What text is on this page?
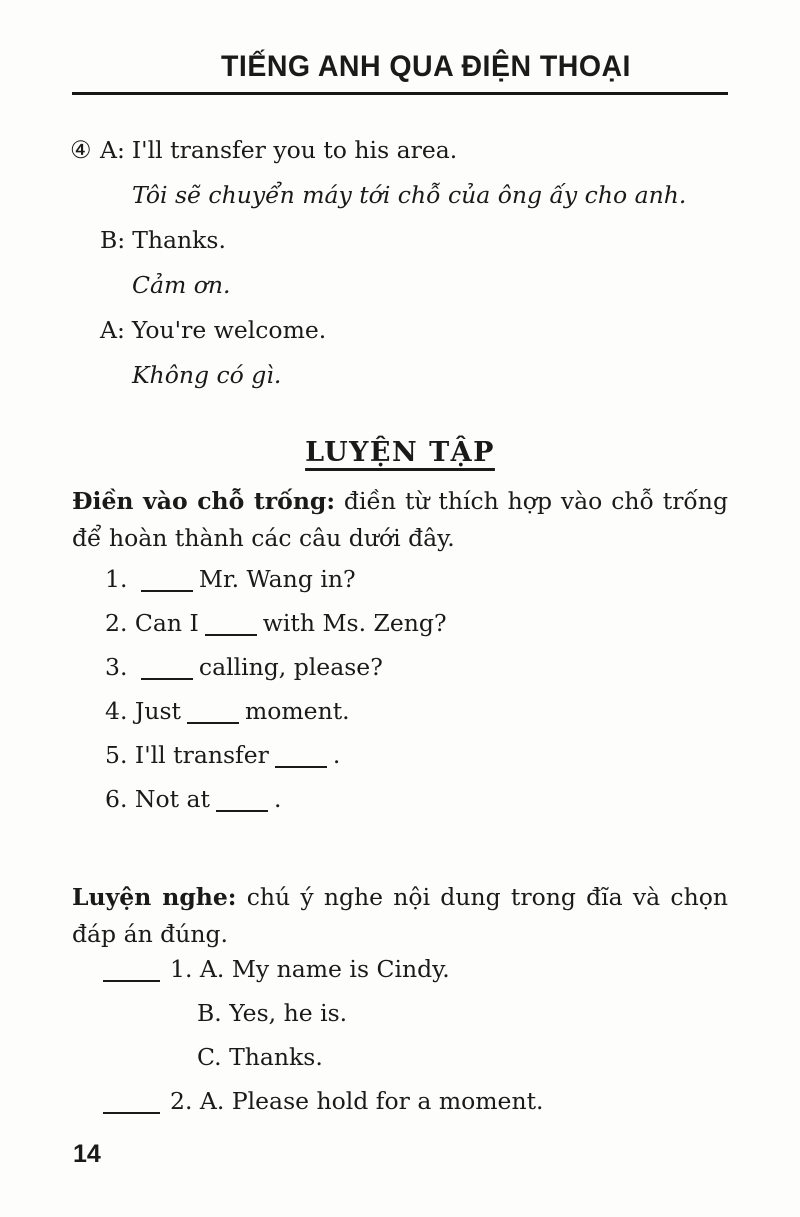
TIẾNG ANH QUA ĐIỆN THOẠI
④ A: I'll transfer you to his area.
Tôi sẽ chuyển máy tới chỗ của ông ấy cho anh.
B: Thanks.
Cảm ơn.
A: You're welcome.
Không có gì.
LUYỆN TẬP
Điền vào chỗ trống: điền từ thích hợp vào chỗ trống
để hoàn thành các câu dưới đây.
1.	Mr. Wang in?
2. Can I	with Ms. Zeng?
3.	calling, please?
4. Just	moment.
5. I'll transfer	.
6. Not at	.
Luyện nghe: chú ý nghe nội dung trong đĩa và chọn
đáp án đúng.
1. A. My name is Cindy.
B. Yes, he is.
C. Thanks.
2. A. Please hold for a moment.
14
